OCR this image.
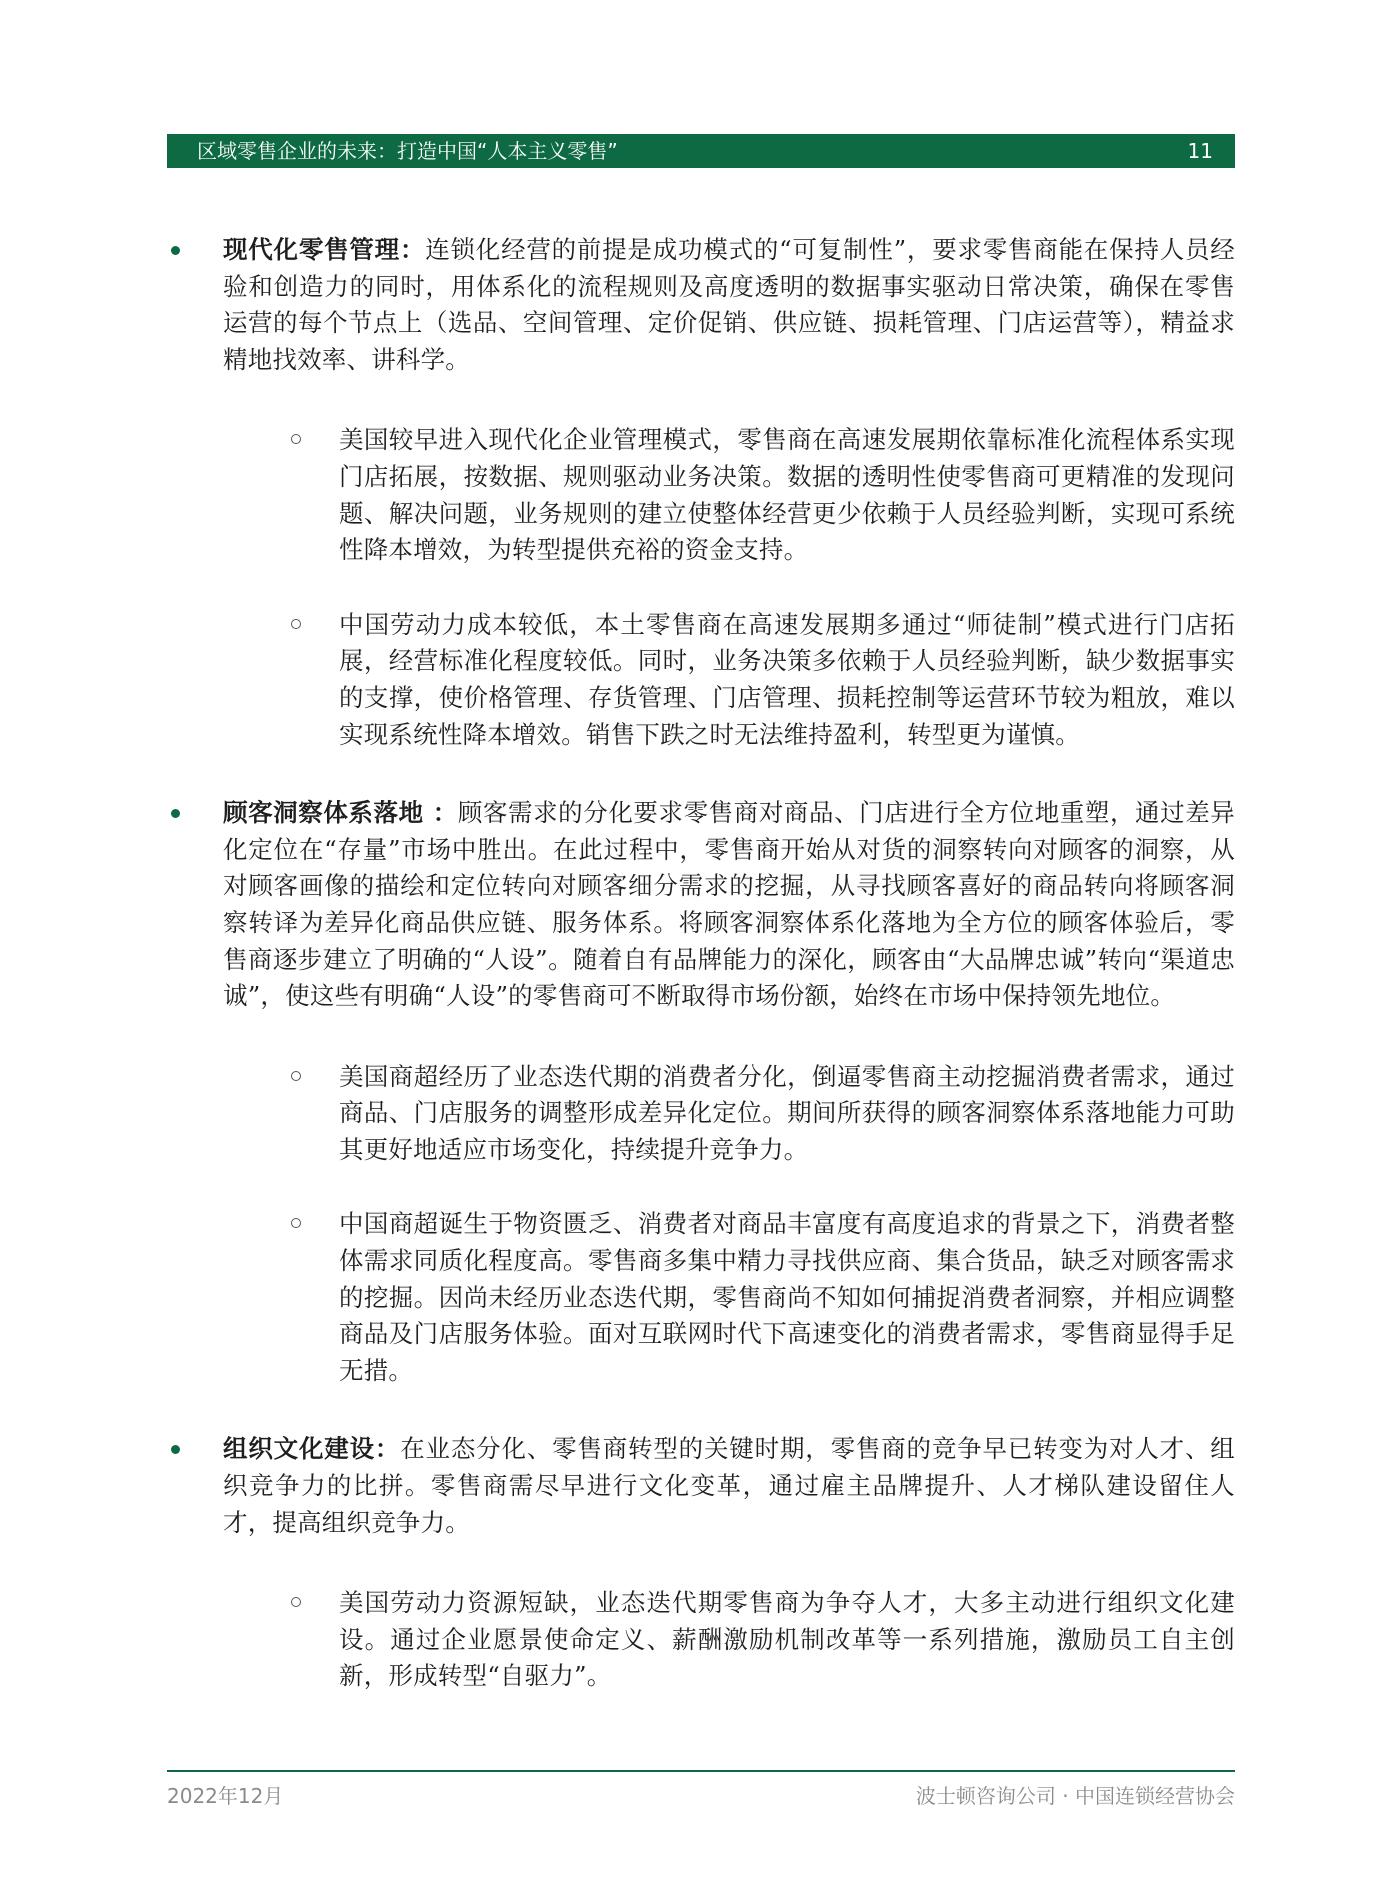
区域零售企业的未来：打造中国“人本主义零售”	11
现代化零售管理：连锁化经营的前提是成功模式的“可复制性”，要求零售商能在保持人员经验和创造力的同时，用体系化的流程规则及高度透明的数据事实驱动日常决策，确保在零售运营的每个节点上（选品、空间管理、定价促销、供应链、损耗管理、门店运营等），精益求精地找效率、讲科学。
美国较早进入现代化企业管理模式，零售商在高速发展期依靠标准化流程体系实现门店拓展，按数据、规则驱动业务决策。数据的透明性使零售商可更精准的发现问题、解决问题，业务规则的建立使整体经营更少依赖于人员经验判断，实现可系统性降本增效，为转型提供充裕的资金支持。
中国劳动力成本较低，本土零售商在高速发展期多通过“师徒制”模式进行门店拓展，经营标准化程度较低。同时，业务决策多依赖于人员经验判断，缺少数据事实的支撑，使价格管理、存货管理、门店管理、损耗控制等运营环节较为粗放，难以实现系统性降本增效。销售下跌之时无法维持盈利，转型更为谨慎。
顾客洞察体系落地 ：顾客需求的分化要求零售商对商品、门店进行全方位地重塑，通过差异化定位在“存量”市场中胜出。在此过程中，零售商开始从对货的洞察转向对顾客的洞察，从对顾客画像的描绘和定位转向对顾客细分需求的挖掘，从寻找顾客喜好的商品转向将顾客洞察转译为差异化商品供应链、服务体系。将顾客洞察体系化落地为全方位的顾客体验后，零售商逐步建立了明确的“人设”。随着自有品牌能力的深化，顾客由“大品牌忠诚”转向“渠道忠诚”，使这些有明确“人设”的零售商可不断取得市场份额，始终在市场中保持领先地位。
美国商超经历了业态迭代期的消费者分化，倒逼零售商主动挖掘消费者需求，通过商品、门店服务的调整形成差异化定位。期间所获得的顾客洞察体系落地能力可助其更好地适应市场变化，持续提升竞争力。
中国商超诞生于物资匮乏、消费者对商品丰富度有高度追求的背景之下，消费者整体需求同质化程度高。零售商多集中精力寻找供应商、集合货品，缺乏对顾客需求的挖掘。因尚未经历业态迭代期，零售商尚不知如何捕捉消费者洞察，并相应调整商品及门店服务体验。面对互联网时代下高速变化的消费者需求，零售商显得手足无措。
组织文化建设：在业态分化、零售商转型的关键时期，零售商的竞争早已转变为对人才、组织竞争力的比拼。零售商需尽早进行文化变革，通过雇主品牌提升、人才梯队建设留住人才，提高组织竞争力。
美国劳动力资源短缺，业态迭代期零售商为争夺人才，大多主动进行组织文化建设。通过企业愿景使命定义、薪酬激励机制改革等一系列措施，激励员工自主创新，形成转型“自驱力”。
2022年12月	波士顿咨询公司 · 中国连锁经营协会
